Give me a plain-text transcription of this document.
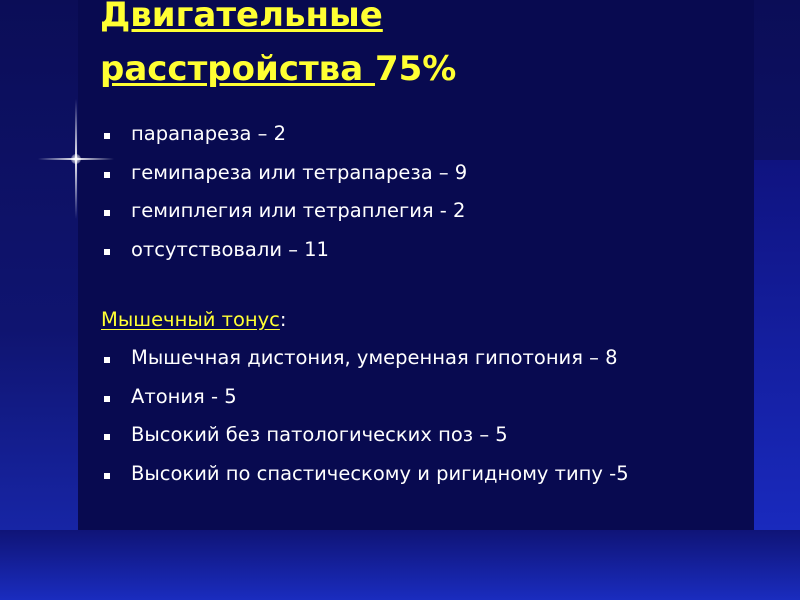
Двигательные
расстройства 75%
парапареза – 2
гемипареза или тетрапареза – 9
гемиплегия или тетраплегия - 2
отсутствовали – 11

Мышечный тонус:

Мышечная дистония, умеренная гипотония – 8
Атония - 5
Высокий без патологических поз – 5
Высокий по спастическому и ригидному типу -5
